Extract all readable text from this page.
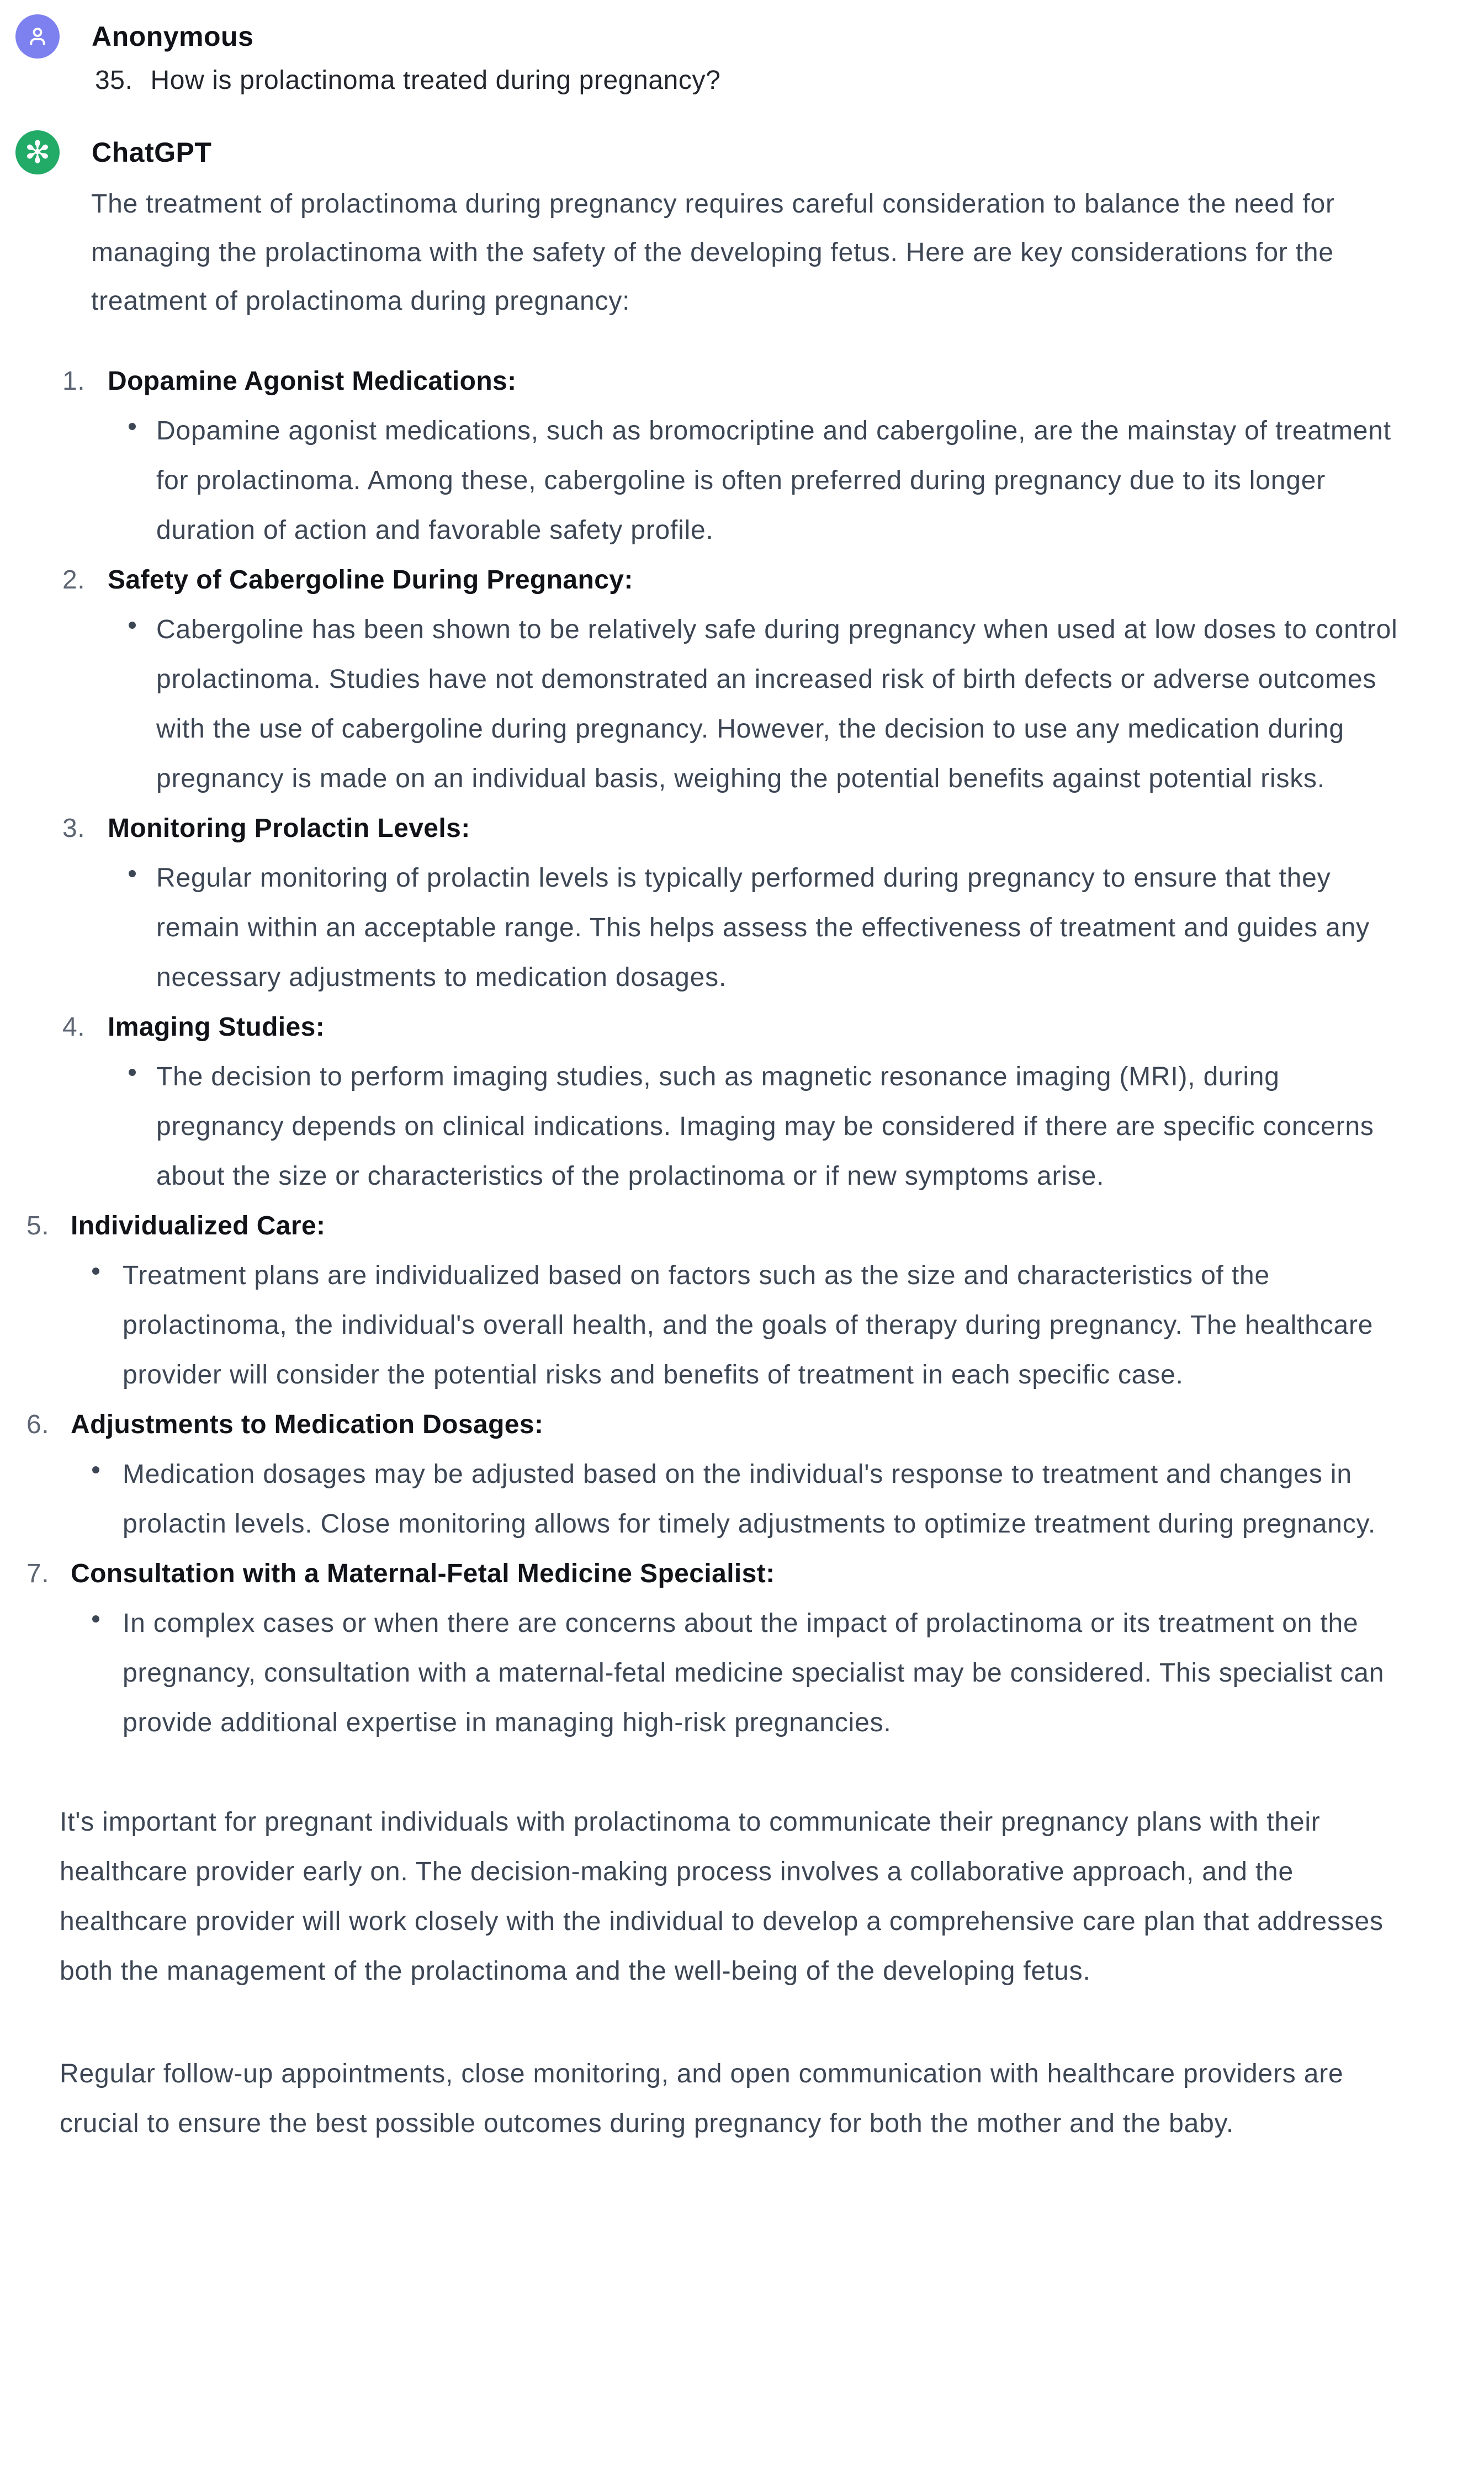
Anonymous
35. How is prolactinoma treated during pregnancy?
✻ ChatGPT

The treatment of prolactinoma during pregnancy requires careful consideration to balance the need for managing the prolactinoma with the safety of the developing fetus. Here are key considerations for the treatment of prolactinoma during pregnancy:

1. Dopamine Agonist Medications:

Dopamine agonist medications, such as bromocriptine and cabergoline, are the mainstay of treatment for prolactinoma. Among these, cabergoline is often preferred during pregnancy due to its longer duration of action and favorable safety profile.

2. Safety of Cabergoline During Pregnancy:

Cabergoline has been shown to be relatively safe during pregnancy when used at low doses to control prolactinoma. Studies have not demonstrated an increased risk of birth defects or adverse outcomes with the use of cabergoline during pregnancy. However, the decision to use any medication during pregnancy is made on an individual basis, weighing the potential benefits against potential risks.

3. Monitoring Prolactin Levels:

Regular monitoring of prolactin levels is typically performed during pregnancy to ensure that they remain within an acceptable range. This helps assess the effectiveness of treatment and guides any necessary adjustments to medication dosages.

4. Imaging Studies:

The decision to perform imaging studies, such as magnetic resonance imaging (MRI), during pregnancy depends on clinical indications. Imaging may be considered if there are specific concerns about the size or characteristics of the prolactinoma or if new symptoms arise.

5. Individualized Care:

Treatment plans are individualized based on factors such as the size and characteristics of the prolactinoma, the individual's overall health, and the goals of therapy during pregnancy. The healthcare provider will consider the potential risks and benefits of treatment in each specific case.

6. Adjustments to Medication Dosages:

Medication dosages may be adjusted based on the individual's response to treatment and changes in prolactin levels. Close monitoring allows for timely adjustments to optimize treatment during pregnancy.

7. Consultation with a Maternal-Fetal Medicine Specialist:

In complex cases or when there are concerns about the impact of prolactinoma or its treatment on the pregnancy, consultation with a maternal-fetal medicine specialist may be considered. This specialist can provide additional expertise in managing high-risk pregnancies.

It's important for pregnant individuals with prolactinoma to communicate their pregnancy plans with their healthcare provider early on. The decision-making process involves a collaborative approach, and the healthcare provider will work closely with the individual to develop a comprehensive care plan that addresses both the management of the prolactinoma and the well-being of the developing fetus.

Regular follow-up appointments, close monitoring, and open communication with healthcare providers are crucial to ensure the best possible outcomes during pregnancy for both the mother and the baby.
